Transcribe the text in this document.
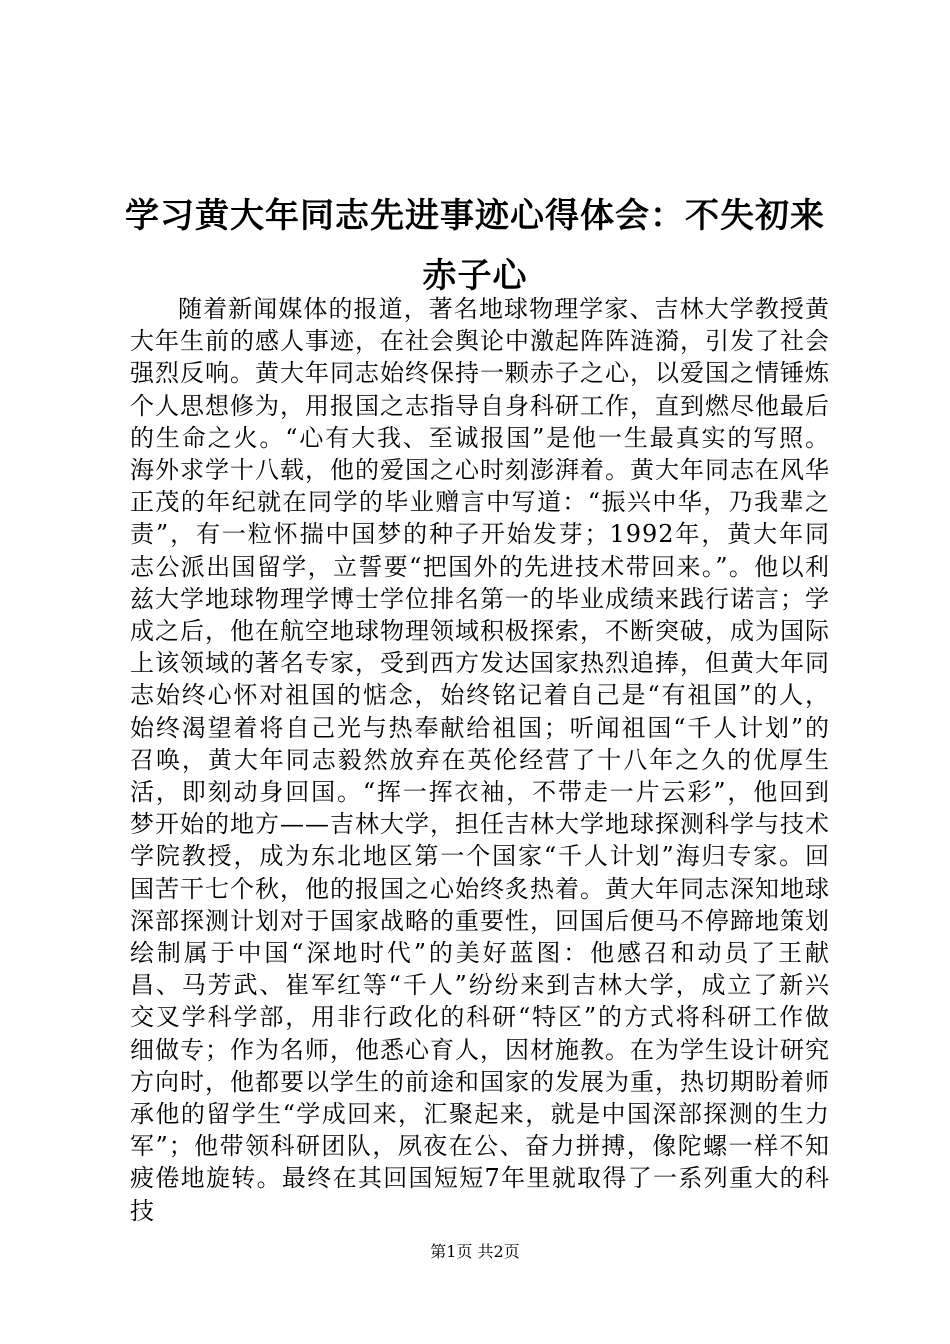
学习黄大年同志先进事迹心得体会：不失初来赤子心

随着新闻媒体的报道，著名地球物理学家、吉林大学教授黄大年生前的感人事迹，在社会舆论中激起阵阵涟漪，引发了社会强烈反响。黄大年同志始终保持一颗赤子之心，以爱国之情锤炼个人思想修为，用报国之志指导自身科研工作，直到燃尽他最后的生命之火。“心有大我、至诚报国”是他一生最真实的写照。海外求学十八载，他的爱国之心时刻澎湃着。黄大年同志在风华正茂的年纪就在同学的毕业赠言中写道：“振兴中华，乃我辈之责”，有一粒怀揣中国梦的种子开始发芽；1992年，黄大年同志公派出国留学，立誓要“把国外的先进技术带回来。”。他以利兹大学地球物理学博士学位排名第一的毕业成绩来践行诺言；学成之后，他在航空地球物理领域积极探索，不断突破，成为国际上该领域的著名专家，受到西方发达国家热烈追捧，但黄大年同志始终心怀对祖国的惦念，始终铭记着自己是“有祖国”的人，始终渴望着将自己光与热奉献给祖国；听闻祖国“千人计划”的召唤，黄大年同志毅然放弃在英伦经营了十八年之久的优厚生活，即刻动身回国。“挥一挥衣袖，不带走一片云彩”，他回到梦开始的地方——吉林大学，担任吉林大学地球探测科学与技术学院教授，成为东北地区第一个国家“千人计划”海归专家。回国苦干七个秋，他的报国之心始终炙热着。黄大年同志深知地球深部探测计划对于国家战略的重要性，回国后便马不停蹄地策划绘制属于中国“深地时代”的美好蓝图：他感召和动员了王献昌、马芳武、崔军红等“千人”纷纷来到吉林大学，成立了新兴交叉学科学部，用非行政化的科研“特区”的方式将科研工作做细做专；作为名师，他悉心育人，因材施教。在为学生设计研究方向时，他都要以学生的前途和国家的发展为重，热切期盼着师承他的留学生“学成回来，汇聚起来，就是中国深部探测的生力军”；他带领科研团队，夙夜在公、奋力拼搏，像陀螺一样不知疲倦地旋转。最终在其回国短短7年里就取得了一系列重大的科技

第1页 共2页
